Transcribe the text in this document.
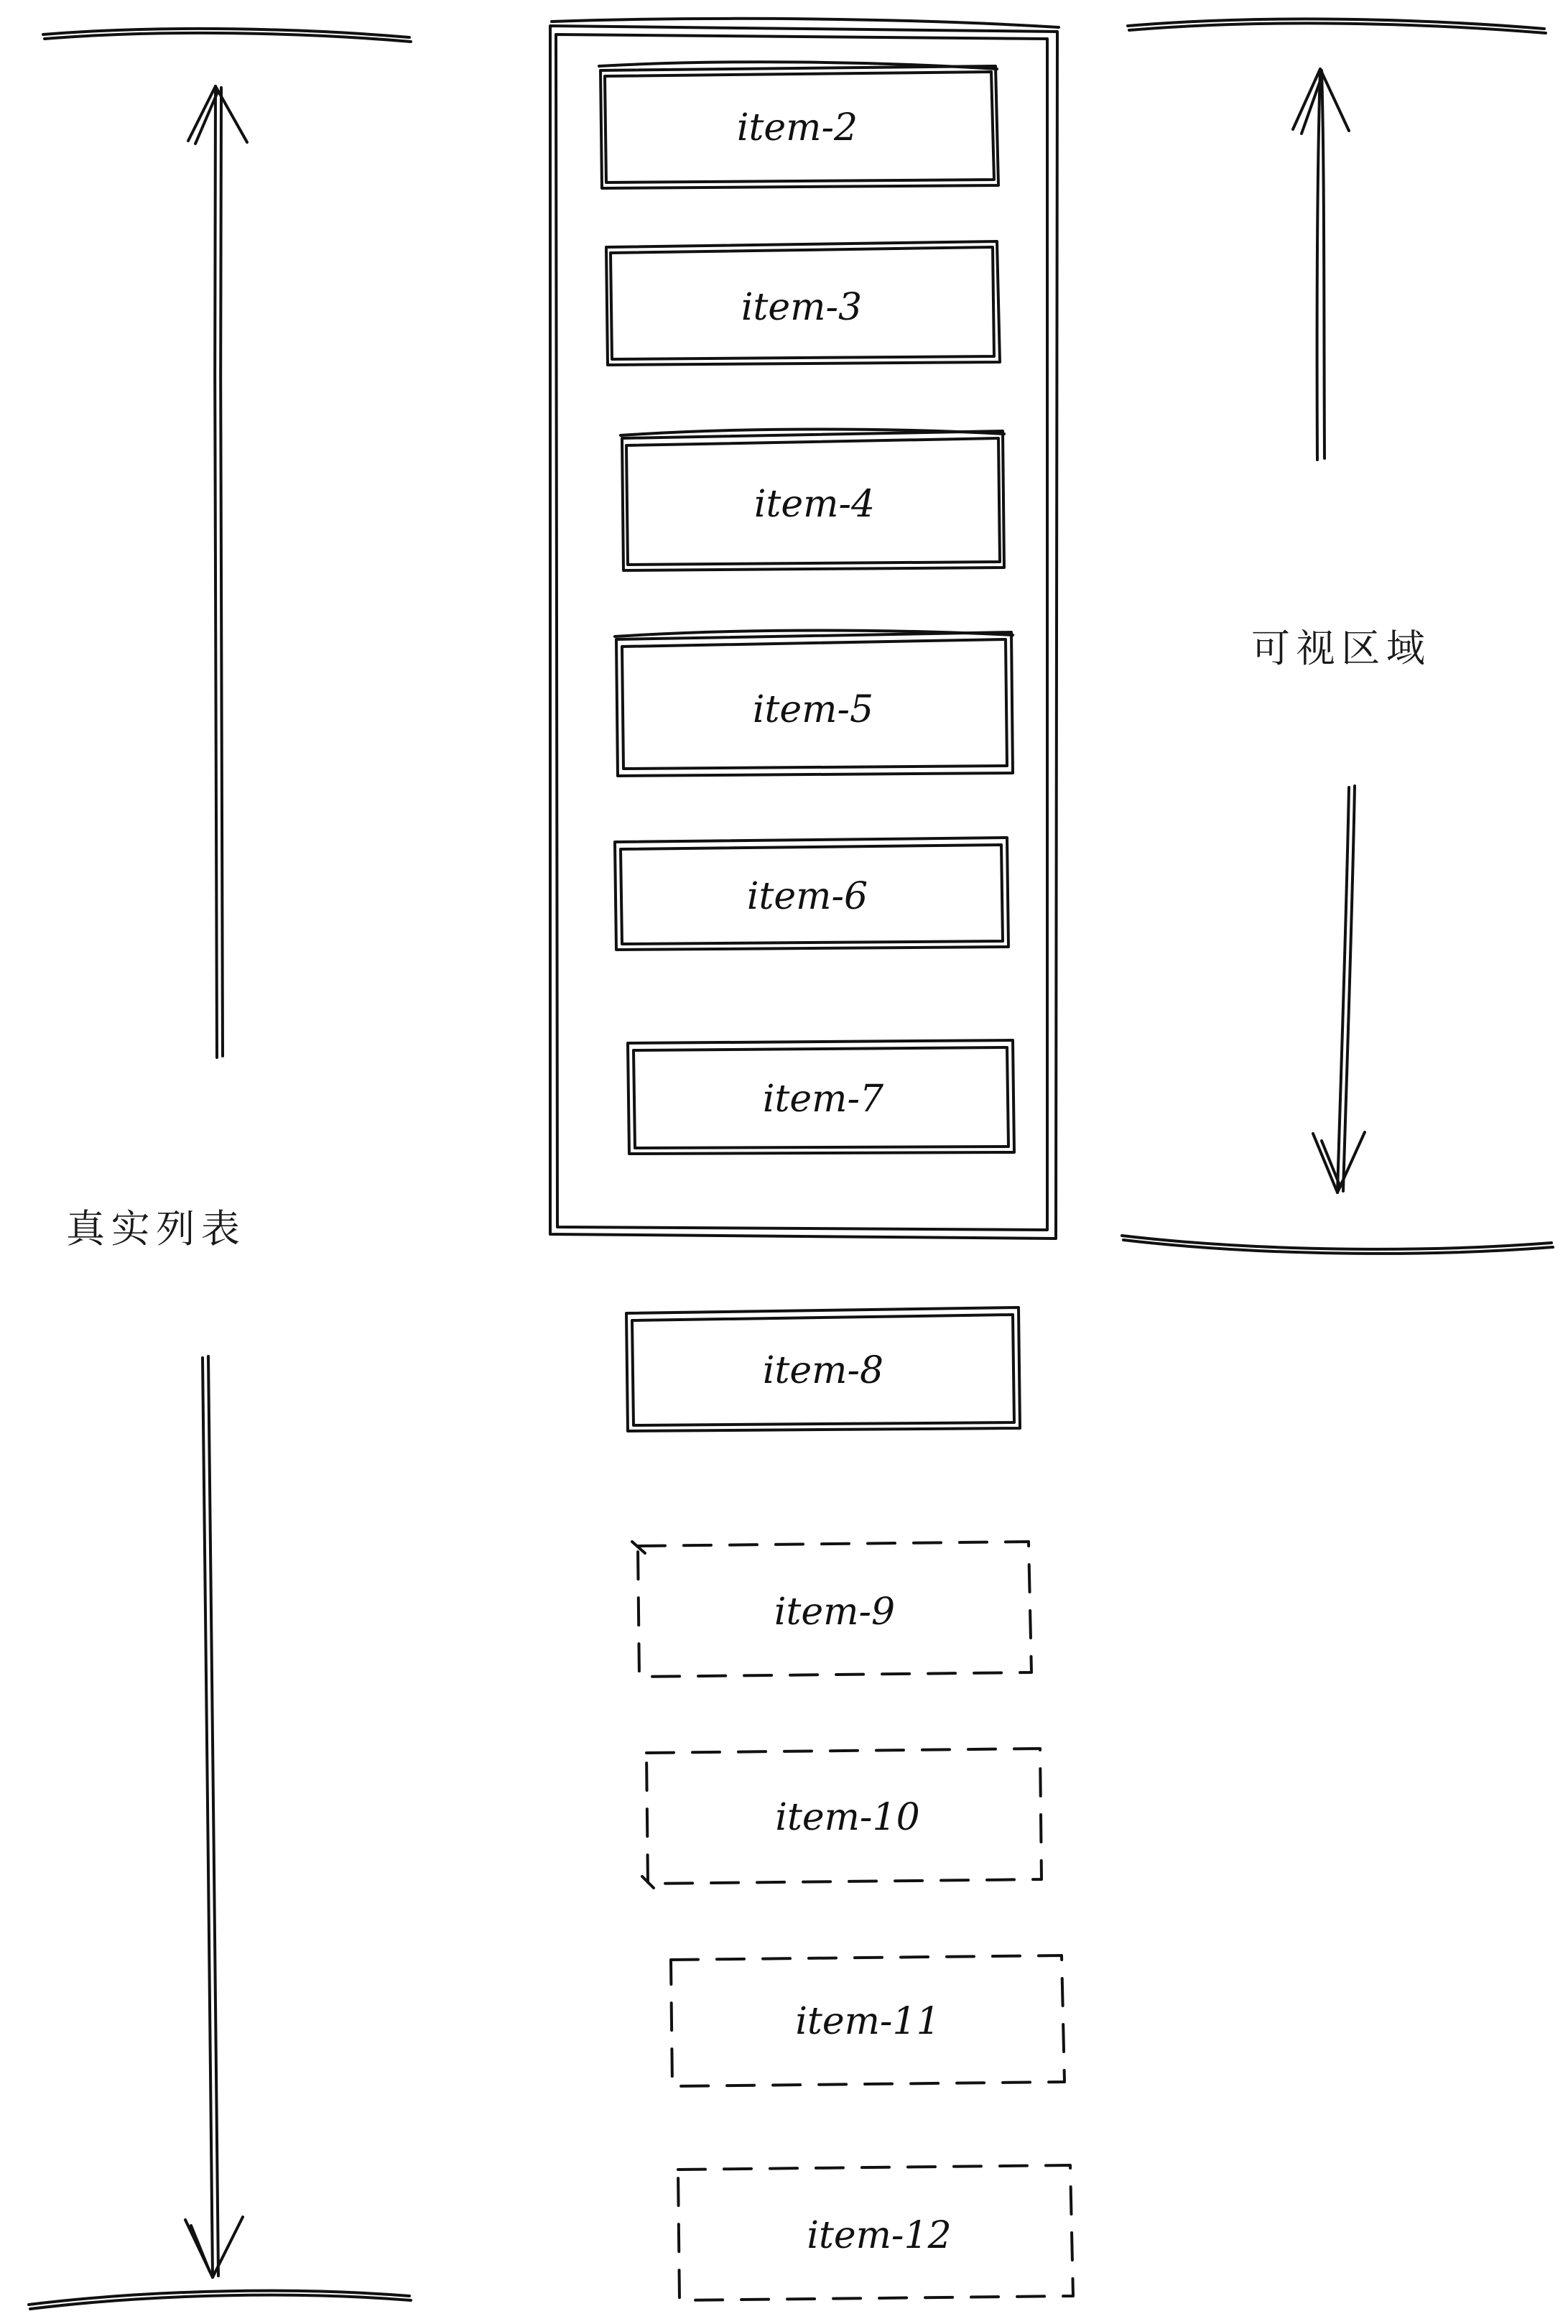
item-2
item-3
item-4
item-5
item-6
item-7
item-8
item-9
item-10
item-11
item-12
可视区域
真实列表
